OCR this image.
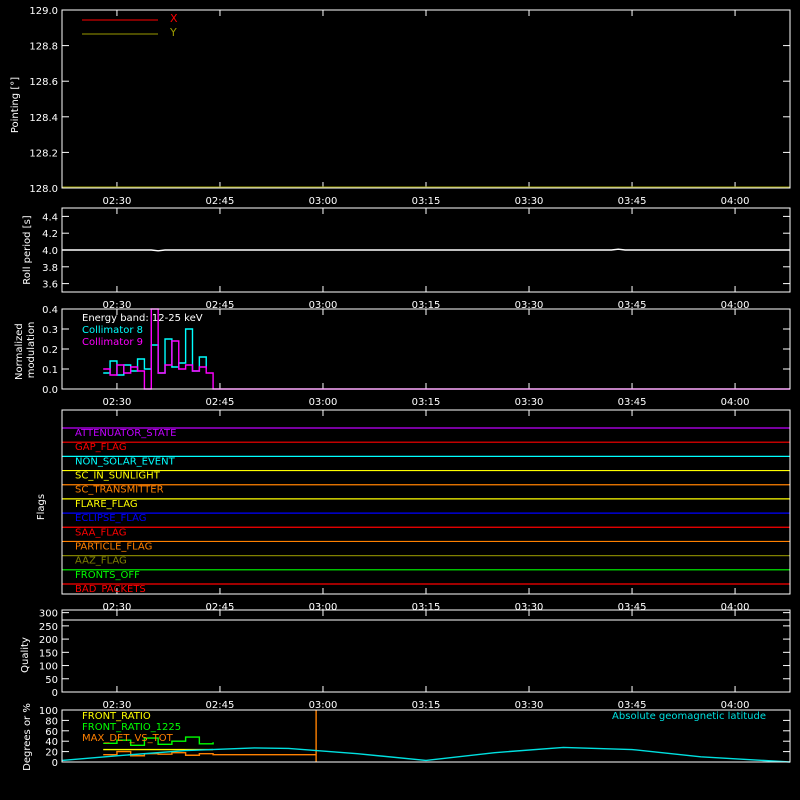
Pointing [°]
128.0
128.2
128.4
128.6
128.8
129.0
02:30	02:45	03:00	03:15	03:30	03:45	04:00
X
Y
Roll period [s]
3.6
3.8
4.0
4.2
4.4
02:30	02:45	03:00	03:15	03:30	03:45	04:00
Normalized modulation
0.0
0.1
0.2
0.3
0.4
02:30	02:45	03:00	03:15	03:30	03:45	04:00
Energy band: 12-25 keV
Collimator 8
Collimator 9
Flags
02:30	02:45	03:00	03:15	03:30	03:45	04:00
ATTENUATOR_STATE
GAP_FLAG
NON_SOLAR_EVENT
SC_IN_SUNLIGHT
SC_TRANSMITTER
FLARE_FLAG
ECLIPSE_FLAG
SAA_FLAG
PARTICLE_FLAG
AAZ_FLAG
FRONTS_OFF
BAD_PACKETS
Quality
0
50
100
150
200
250
300
02:30	02:45	03:00	03:15	03:30	03:45	04:00
Degrees or % 0
20
40
60
80
100 FRONT_RATIO
FRONT_RATIO_1225
MAX_DET_VS_TOT
Absolute geomagnetic latitude
